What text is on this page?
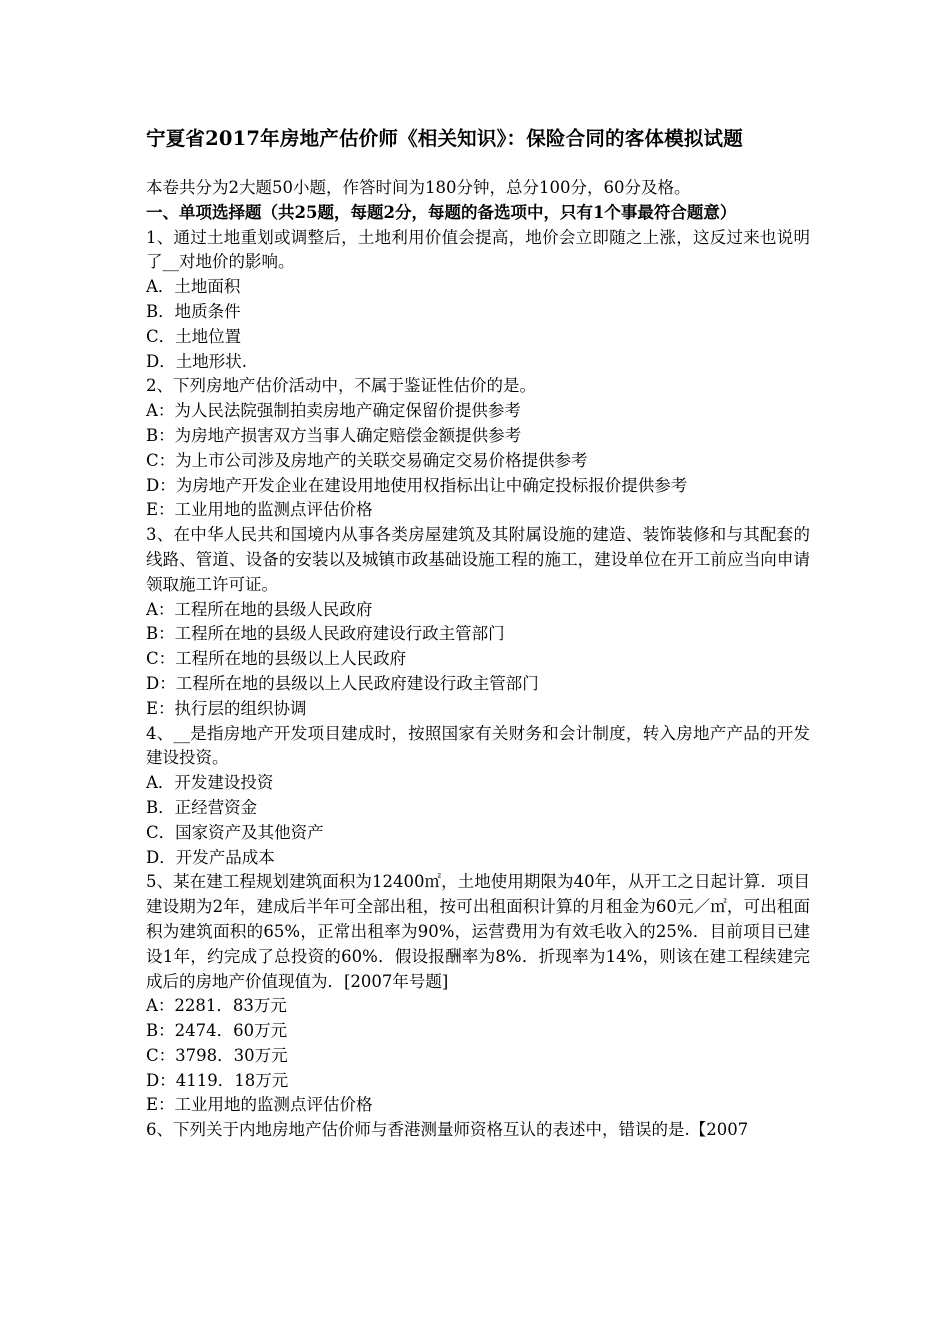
宁夏省2017年房地产估价师《相关知识》：保险合同的客体模拟试题

本卷共分为2大题50小题，作答时间为180分钟，总分100分，60分及格。

一、单项选择题（共25题，每题2分，每题的备选项中，只有1个事最符合题意）

1、通过土地重划或调整后，土地利用价值会提高，地价会立即随之上涨，这反过来也说明了__对地价的影响。

A．土地面积

B．地质条件

C．土地位置

D．土地形状.

2、下列房地产估价活动中，不属于鉴证性估价的是。

A：为人民法院强制拍卖房地产确定保留价提供参考

B：为房地产损害双方当事人确定赔偿金额提供参考

C：为上市公司涉及房地产的关联交易确定交易价格提供参考

D：为房地产开发企业在建设用地使用权指标出让中确定投标报价提供参考

E：工业用地的监测点评估价格

3、在中华人民共和国境内从事各类房屋建筑及其附属设施的建造、装饰装修和与其配套的线路、管道、设备的安装以及城镇市政基础设施工程的施工，建设单位在开工前应当向申请领取施工许可证。

A：工程所在地的县级人民政府

B：工程所在地的县级人民政府建设行政主管部门

C：工程所在地的县级以上人民政府

D：工程所在地的县级以上人民政府建设行政主管部门

E：执行层的组织协调

4、__是指房地产开发项目建成时，按照国家有关财务和会计制度，转入房地产产品的开发建设投资。

A．开发建设投资

B．正经营资金

C．国家资产及其他资产

D．开发产品成本

5、某在建工程规划建筑面积为12400㎡，土地使用期限为40年，从开工之日起计算．项目建设期为2年，建成后半年可全部出租，按可出租面积计算的月租金为60元／㎡，可出租面积为建筑面积的65%，正常出租率为90%，运营费用为有效毛收入的25%．目前项目已建设1年，约完成了总投资的60%．假设报酬率为8%．折现率为14%，则该在建工程续建完成后的房地产价值现值为．[2007年号题]

A：2281．83万元

B：2474．60万元

C：3798．30万元

D：4119．18万元

E：工业用地的监测点评估价格

6、下列关于内地房地产估价师与香港测量师资格互认的表述中，错误的是.【2007
